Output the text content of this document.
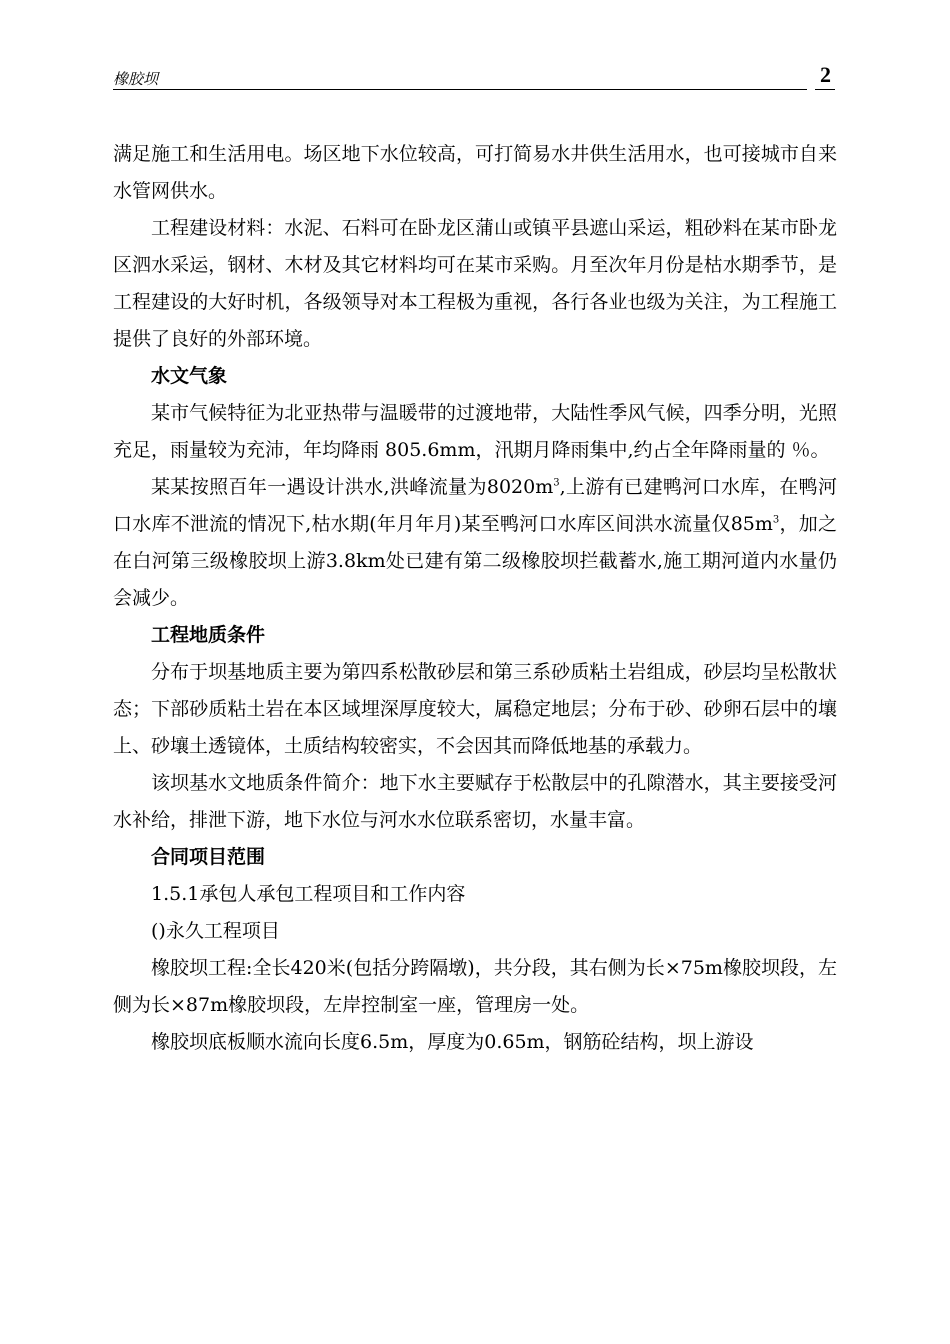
橡胶坝	2

满足施工和生活用电。场区地下水位较高，可打简易水井供生活用水，也可接城市自来水管网供水。

工程建设材料：水泥、石料可在卧龙区蒲山或镇平县遮山采运，粗砂料在某市卧龙区泗水采运，钢材、木材及其它材料均可在某市采购。月至次年月份是枯水期季节，是工程建设的大好时机，各级领导对本工程极为重视，各行各业也级为关注，为工程施工提供了良好的外部环境。

水文气象

某市气候特征为北亚热带与温暖带的过渡地带，大陆性季风气候，四季分明，光照充足，雨量较为充沛，年均降雨 805.6mm，汛期月降雨集中,约占全年降雨量的 ％。

某某按照百年一遇设计洪水,洪峰流量为$8020m^3$,上游有已建鸭河口水库，在鸭河口水库不泄流的情况下,枯水期(年月年月)某至鸭河口水库区间洪水流量仅$85m^3$，加之在白河第三级橡胶坝上游3.8km处已建有第二级橡胶坝拦截蓄水,施工期河道内水量仍会减少。

工程地质条件

分布于坝基地质主要为第四系松散砂层和第三系砂质粘土岩组成，砂层均呈松散状态；下部砂质粘土岩在本区域埋深厚度较大，属稳定地层；分布于砂、砂卵石层中的壤上、砂壤土透镜体，土质结构较密实，不会因其而降低地基的承载力。

该坝基水文地质条件简介：地下水主要赋存于松散层中的孔隙潜水，其主要接受河水补给，排泄下游，地下水位与河水水位联系密切，水量丰富。

合同项目范围

1.5.1承包人承包工程项目和工作内容

()永久工程项目

橡胶坝工程:全长420米(包括分跨隔墩)，共分段，其右侧为长×75m橡胶坝段，左侧为长×87m橡胶坝段，左岸控制室一座，管理房一处。

橡胶坝底板顺水流向长度6.5m，厚度为0.65m，钢筋砼结构，坝上游设
